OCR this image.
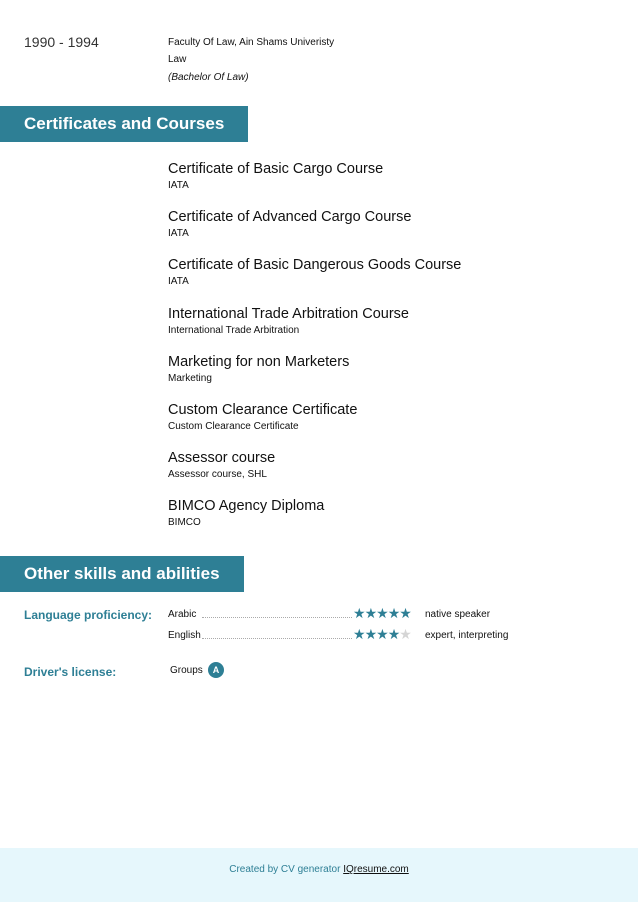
1990 - 1994	Faculty Of Law, Ain Shams Univeristy
Law
(Bachelor Of Law)
Certificates and Courses
Certificate of Basic Cargo Course
IATA
Certificate of Advanced Cargo Course
IATA
Certificate of Basic Dangerous Goods Course
IATA
International Trade Arbitration Course
International Trade Arbitration
Marketing for non Marketers
Marketing
Custom Clearance Certificate
Custom Clearance Certificate
Assessor course
Assessor course, SHL
BIMCO Agency Diploma
BIMCO
Other skills and abilities
Language proficiency: Arabic	★★★★★ native speaker
English	★★★★★ expert, interpreting
Driver's license:	Groups	A
Created by CV generator IQresume.com
